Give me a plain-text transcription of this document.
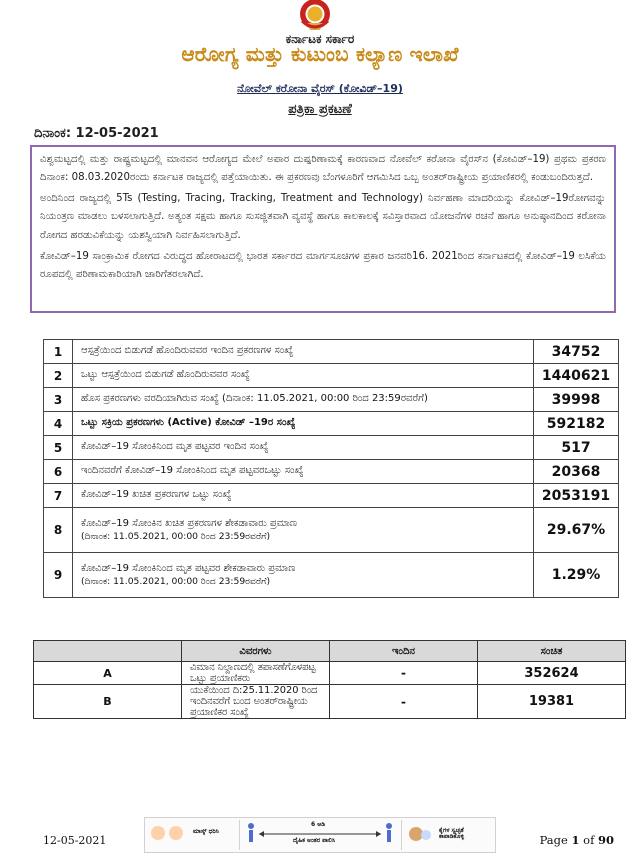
ಕರ್ನಾಟಕ ಸರ್ಕಾರ

ಆರೋಗ್ಯ ಮತ್ತು ಕುಟುಂಬ ಕಲ್ಯಾಣ ಇಲಾಖೆ

ನೋವೆಲ್ ಕರೋನಾ ವೈರಸ್ (ಕೋವಿಡ್–19)

ಪತ್ರಿಕಾ ಪ್ರಕಟಣೆ

ದಿನಾಂಕ: 12-05-2021

ವಿಶ್ವಮಟ್ಟದಲ್ಲಿ ಮತ್ತು ರಾಷ್ಟ್ರಮಟ್ಟದಲ್ಲಿ ಮಾನವನ ಆರೋಗ್ಯದ ಮೇಲೆ ಅಪಾರ ದುಷ್ಪರಿಣಾಮಕ್ಕೆ ಕಾರಣವಾದ ನೋವೆಲ್ ಕರೋನಾ ವೈರಸ್‌ನ (ಕೋವಿಡ್–19) ಪ್ರಥಮ ಪ್ರಕರಣ ದಿನಾಂಕ: 08.03.2020ರಂದು ಕರ್ನಾಟಕ ರಾಜ್ಯದಲ್ಲಿ ಪತ್ತೆಯಾಯಿತು. ಈ ಪ್ರಕರಣವು ಬೆಂಗಳೂರಿಗೆ ಆಗಮಿಸಿದ ಒಬ್ಬ ಅಂತರ್‌ರಾಷ್ಟ್ರೀಯ ಪ್ರಯಾಣಿಕರಲ್ಲಿ ಕಂಡುಬಂದಿರುತ್ತದೆ.

ಅಂದಿನಿಂದ ರಾಜ್ಯದಲ್ಲಿ 5Ts (Testing, Tracing, Tracking, Treatment and Technology) ನಿರ್ವಹಣಾ ಮಾದರಿಯನ್ನು ಕೋವಿಡ್–19ರೋಗವನ್ನು ನಿಯಂತ್ರಣ ಮಾಡಲು ಬಳಸಲಾಗುತ್ತಿದೆ. ಅತ್ಯಂತ ಸಕ್ಷಮ ಹಾಗೂ ಸುಸಜ್ಜಿತವಾಗಿ ವ್ಯವಸ್ಥೆ ಹಾಗೂ ಕಾಲಕಾಲಕ್ಕೆ ಸವಿಸ್ತಾರವಾದ ಯೋಜನೆಗಳ ರಚನೆ ಹಾಗೂ ಅನುಷ್ಠಾನದಿಂದ ಕರೋನಾ ರೋಗದ ಹರಡುವಿಕೆಯನ್ನು ಯಶಸ್ವಿಯಾಗಿ ನಿರ್ವಹಿಸಲಾಗುತ್ತಿದೆ.

ಕೋವಿಡ್–19 ಸಾಂಕ್ರಾಮಿಕ ರೋಗದ ವಿರುದ್ಧದ ಹೋರಾಟದಲ್ಲಿ ಭಾರತ ಸರ್ಕಾರದ ಮಾರ್ಗಸೂಚಿಗಳ ಪ್ರಕಾರ ಜನವರಿ16. 2021ರಿಂದ ಕರ್ನಾಟಕದಲ್ಲಿ ಕೋವಿಡ್–19 ಲಸಿಕೆಯ ರೂಪದಲ್ಲಿ ಪರಿಣಾಮಕಾರಿಯಾಗಿ ಜಾರಿಗೆತರಲಾಗಿದೆ.

1	ಆಸ್ಪತ್ರೆಯಿಂದ ಬಿಡುಗಡೆ ಹೊಂದಿರುವವರ ಇಂದಿನ ಪ್ರಕರಣಗಳ ಸಂಖ್ಯೆ	34752
2	ಒಟ್ಟು ಆಸ್ಪತ್ರೆಯಿಂದ ಬಿಡುಗಡೆ ಹೊಂದಿರುವವರ ಸಂಖ್ಯೆ	1440621
3	ಹೊಸ ಪ್ರಕರಣಗಳು ವರದಿಯಾಗಿರುವ ಸಂಖ್ಯೆ (ದಿನಾಂಕ: 11.05.2021, 00:00 ರಿಂದ 23:59ರವರೆಗೆ)	39998
4	ಒಟ್ಟು ಸಕ್ರಿಯ ಪ್ರಕರಣಗಳು (Active) ಕೋವಿಡ್ –19ರ ಸಂಖ್ಯೆ	592182
5	ಕೋವಿಡ್–19 ಸೋಂಕಿನಿಂದ ಮೃತ ಪಟ್ಟವರ ಇಂದಿನ ಸಂಖ್ಯೆ	517
6	ಇಂದಿನವರೆಗೆ ಕೋವಿಡ್–19 ಸೋಂಕಿನಿಂದ ಮೃತ ಪಟ್ಟವರಒಟ್ಟು ಸಂಖ್ಯೆ	20368
7	ಕೋವಿಡ್–19 ಖಚಿತ ಪ್ರಕರಣಗಳ ಒಟ್ಟು ಸಂಖ್ಯೆ	2053191
8	ಕೋವಿಡ್–19 ಸೋಂಕಿನ ಖಚಿತ ಪ್ರಕರಣಗಳ ಶೇಕಡಾವಾರು ಪ್ರಮಾಣ
(ದಿನಾಂಕ: 11.05.2021, 00:00 ರಿಂದ 23:59ರವರೆಗೆ)	29.67%
9	ಕೋವಿಡ್–19 ಸೋಂಕಿನಿಂದ ಮೃತ ಪಟ್ಟವರ ಶೇಕಡಾವಾರು ಪ್ರಮಾಣ
(ದಿನಾಂಕ: 11.05.2021, 00:00 ರಿಂದ 23:59ರವರೆಗೆ)	1.29%
	ವಿವರಗಳು	ಇಂದಿನ	ಸಂಚಿತ
A	ವಿಮಾನ ನಿಲ್ದಾಣದಲ್ಲಿ ತಪಾಸಣೆಗೊಳಪಟ್ಟ ಒಟ್ಟು ಪ್ರಯಾಣಿಕರು	-	352624
B	ಯುಕೆಯಿಂದ ದಿ:25.11.2020 ರಿಂದ ಇಂದಿನವರೆಗೆ ಬಂದ ಅಂತರ್‌ರಾಷ್ಟ್ರೀಯ ಪ್ರಯಾಣಿಕರ ಸಂಖ್ಯೆ	-	19381
12-05-2021
ಮಾಸ್ಕ್ ಧರಿಸಿ
6 ಅಡಿ
ದೈಹಿಕ ಅಂತರ ಪಾಲಿಸಿ
ಕೈಗಳ ಸ್ವಚ್ಛತೆ ಕಾಪಾಡಿಕೊಳ್ಳಿ	Page 1 of 90
